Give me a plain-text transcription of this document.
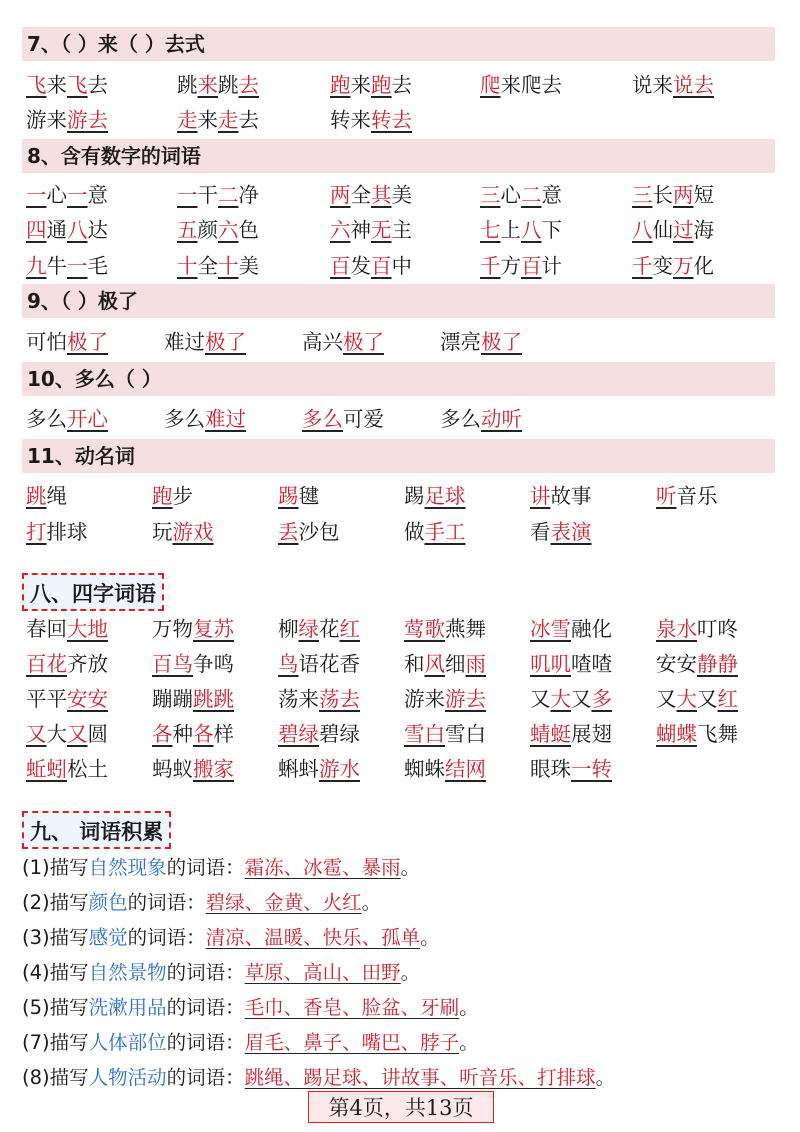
7、（ ）来（ ）去式
飞来飞去	跳来跳去	跑来跑去	爬来爬去	说来说去
游来游去	走来走去	转来转去
8、含有数字的词语
一心一意	一干二净	两全其美	三心二意	三长两短
四通八达	五颜六色	六神无主	七上八下	八仙过海
九牛一毛	十全十美	百发百中	千方百计	千变万化
9、（ ）极了
可怕极了	难过极了	高兴极了	漂亮极了
10、多么（ ）
多么开心	多么难过	多么可爱	多么动听
11、动名词
跳绳	跑步	踢毽	踢足球	讲故事	听音乐
打排球	玩游戏	丢沙包	做手工	看表演
八、四字词语
春回大地 万物复苏 柳绿花红 莺歌燕舞 冰雪融化 泉水叮咚
百花齐放 百鸟争鸣 鸟语花香 和风细雨 叽叽喳喳 安安静静
平平安安 蹦蹦跳跳 荡来荡去 游来游去 又大又多 又大又红
又大又圆 各种各样 碧绿碧绿 雪白雪白 蜻蜓展翅 蝴蝶飞舞
蚯蚓松土 蚂蚁搬家 蝌蚪游水 蜘蛛结网 眼珠一转
九、 词语积累
(1)描写自然现象的词语：霜冻、冰雹、暴雨。
(2)描写颜色的词语：碧绿、金黄、火红。
(3)描写感觉的词语：清凉、温暖、快乐、孤单。
(4)描写自然景物的词语：草原、高山、田野。
(5)描写洗漱用品的词语：毛巾、香皂、脸盆、牙刷。
(7)描写人体部位的词语：眉毛、鼻子、嘴巴、脖子。
(8)描写人物活动的词语：跳绳、踢足球、讲故事、听音乐、打排球。
第4页，共13页
